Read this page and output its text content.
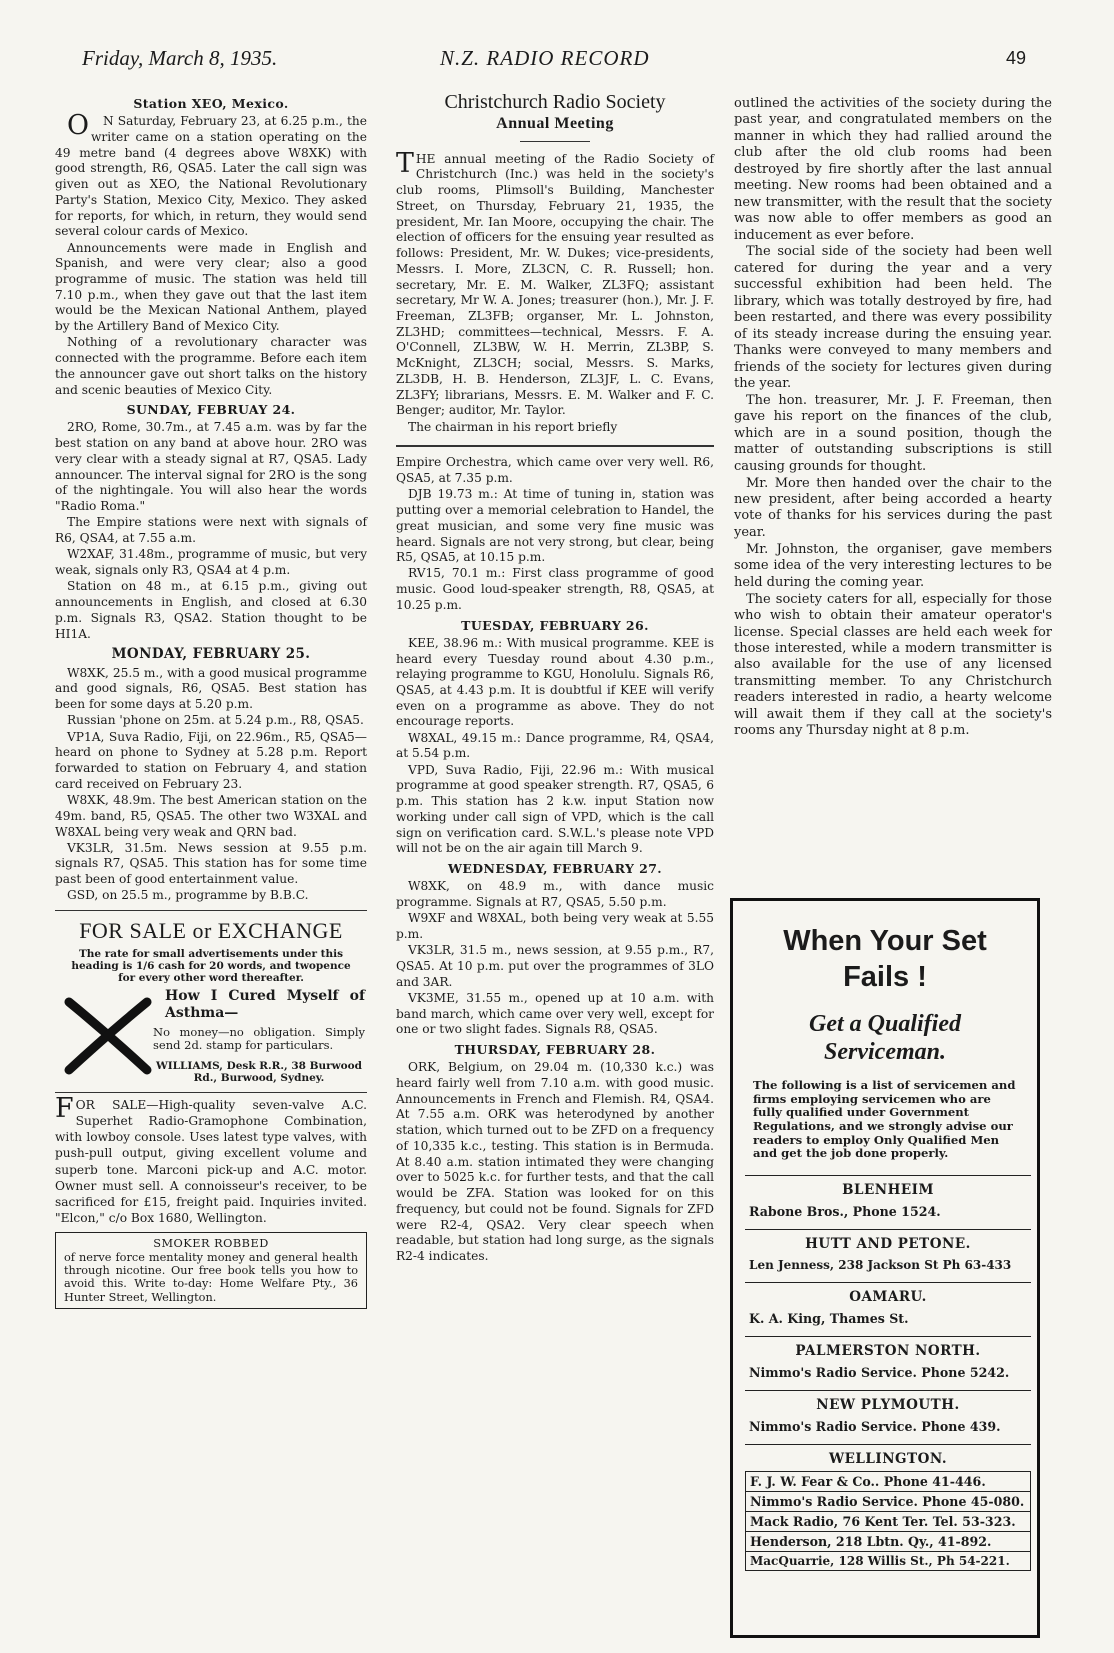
Friday, March 8, 1935.	N.Z. RADIO RECORD	49
Station XEO, Mexico.

ON Saturday, February 23, at 6.25 p.m., the writer came on a station operating on the 49 metre band (4 degrees above W8XK) with good strength, R6, QSA5. Later the call sign was given out as XEO, the National Revolutionary Party's Station, Mexico City, Mexico. They asked for reports, for which, in return, they would send several colour cards of Mexico.

Announcements were made in English and Spanish, and were very clear; also a good programme of music. The station was held till 7.10 p.m., when they gave out that the last item would be the Mexican National Anthem, played by the Artillery Band of Mexico City.

Nothing of a revolutionary character was connected with the programme. Before each item the announcer gave out short talks on the history and scenic beauties of Mexico City.

SUNDAY, FEBRUAY 24.

2RO, Rome, 30.7m., at 7.45 a.m. was by far the best station on any band at above hour. 2RO was very clear with a steady signal at R7, QSA5. Lady announcer. The interval signal for 2RO is the song of the nightingale. You will also hear the words "Radio Roma."

The Empire stations were next with signals of R6, QSA4, at 7.55 a.m.

W2XAF, 31.48m., programme of music, but very weak, signals only R3, QSA4 at 4 p.m.

Station on 48 m., at 6.15 p.m., giving out announcements in English, and closed at 6.30 p.m. Signals R3, QSA2. Station thought to be HI1A.

MONDAY, FEBRUARY 25.

W8XK, 25.5 m., with a good musical programme and good signals, R6, QSA5. Best station has been for some days at 5.20 p.m.

Russian 'phone on 25m. at 5.24 p.m., R8, QSA5.

VP1A, Suva Radio, Fiji, on 22.96m., R5, QSA5—heard on phone to Sydney at 5.28 p.m. Report forwarded to station on February 4, and station card received on February 23.

W8XK, 48.9m. The best American station on the 49m. band, R5, QSA5. The other two W3XAL and W8XAL being very weak and QRN bad.

VK3LR, 31.5m. News session at 9.55 p.m. signals R7, QSA5. This station has for some time past been of good entertainment value.

GSD, on 25.5 m., programme by B.B.C.

FOR SALE or EXCHANGE

The rate for small advertisements under this heading is 1/6 cash for 20 words, and twopence for every other word thereafter.

How I Cured Myself of Asthma—
No money—no obligation. Simply send 2d. stamp for particulars.
WILLIAMS, Desk R.R., 38 Burwood Rd., Burwood, Sydney.

FOR SALE—High-quality seven-valve A.C. Superhet Radio-Gramophone Combination, with lowboy console. Uses latest type valves, with push-pull output, giving excellent volume and superb tone. Marconi pick-up and A.C. motor. Owner must sell. A connoisseur's receiver, to be sacrificed for £15, freight paid. Inquiries invited. "Elcon," c/o Box 1680, Wellington.

SMOKER ROBBED
of nerve force mentality money and general health through nicotine. Our free book tells you how to avoid this. Write to-day: Home Welfare Pty., 36 Hunter Street, Wellington.
Christchurch Radio Society
Annual Meeting

THE annual meeting of the Radio Society of Christchurch (Inc.) was held in the society's club rooms, Plimsoll's Building, Manchester Street, on Thursday, February 21, 1935, the president, Mr. Ian Moore, occupying the chair. The election of officers for the ensuing year resulted as follows: President, Mr. W. Dukes; vice-presidents, Messrs. I. More, ZL3CN, C. R. Russell; hon. secretary, Mr. E. M. Walker, ZL3FQ; assistant secretary, Mr W. A. Jones; treasurer (hon.), Mr. J. F. Freeman, ZL3FB; organser, Mr. L. Johnston, ZL3HD; committees—technical, Messrs. F. A. O'Connell, ZL3BW, W. H. Merrin, ZL3BP, S. McKnight, ZL3CH; social, Messrs. S. Marks, ZL3DB, H. B. Henderson, ZL3JF, L. C. Evans, ZL3FY; librarians, Messrs. E. M. Walker and F. C. Benger; auditor, Mr. Taylor.

The chairman in his report briefly

Empire Orchestra, which came over very well. R6, QSA5, at 7.35 p.m.

DJB 19.73 m.: At time of tuning in, station was putting over a memorial celebration to Handel, the great musician, and some very fine music was heard. Signals are not very strong, but clear, being R5, QSA5, at 10.15 p.m.

RV15, 70.1 m.: First class programme of good music. Good loud-speaker strength, R8, QSA5, at 10.25 p.m.

TUESDAY, FEBRUARY 26.

KEE, 38.96 m.: With musical programme. KEE is heard every Tuesday round about 4.30 p.m., relaying programme to KGU, Honolulu. Signals R6, QSA5, at 4.43 p.m. It is doubtful if KEE will verify even on a programme as above. They do not encourage reports.

W8XAL, 49.15 m.: Dance programme, R4, QSA4, at 5.54 p.m.

VPD, Suva Radio, Fiji, 22.96 m.: With musical programme at good speaker strength. R7, QSA5, 6 p.m. This station has 2 k.w. input Station now working under call sign of VPD, which is the call sign on verification card. S.W.L.'s please note VPD will not be on the air again till March 9.

WEDNESDAY, FEBRUARY 27.

W8XK, on 48.9 m., with dance music programme. Signals at R7, QSA5, 5.50 p.m.

W9XF and W8XAL, both being very weak at 5.55 p.m.

VK3LR, 31.5 m., news session, at 9.55 p.m., R7, QSA5. At 10 p.m. put over the programmes of 3LO and 3AR.

VK3ME, 31.55 m., opened up at 10 a.m. with band march, which came over very well, except for one or two slight fades. Signals R8, QSA5.

THURSDAY, FEBRUARY 28.

ORK, Belgium, on 29.04 m. (10,330 k.c.) was heard fairly well from 7.10 a.m. with good music. Announcements in French and Flemish. R4, QSA4. At 7.55 a.m. ORK was heterodyned by another station, which turned out to be ZFD on a frequency of 10,335 k.c., testing. This station is in Bermuda. At 8.40 a.m. station intimated they were changing over to 5025 k.c. for further tests, and that the call would be ZFA. Station was looked for on this frequency, but could not be found. Signals for ZFD were R2-4, QSA2. Very clear speech when readable, but station had long surge, as the signals R2-4 indicates.

outlined the activities of the society during the past year, and congratulated members on the manner in which they had rallied around the club after the old club rooms had been destroyed by fire shortly after the last annual meeting. New rooms had been obtained and a new transmitter, with the result that the society was now able to offer members as good an inducement as ever before.

The social side of the society had been well catered for during the year and a very successful exhibition had been held. The library, which was totally destroyed by fire, had been restarted, and there was every possibility of its steady increase during the ensuing year. Thanks were conveyed to many members and friends of the society for lectures given during the year.

The hon. treasurer, Mr. J. F. Freeman, then gave his report on the finances of the club, which are in a sound position, though the matter of outstanding subscriptions is still causing grounds for thought.

Mr. More then handed over the chair to the new president, after being accorded a hearty vote of thanks for his services during the past year.

Mr. Johnston, the organiser, gave members some idea of the very interesting lectures to be held during the coming year.

The society caters for all, especially for those who wish to obtain their amateur operator's license. Special classes are held each week for those interested, while a modern transmitter is also available for the use of any licensed transmitting member. To any Christchurch readers interested in radio, a hearty welcome will await them if they call at the society's rooms any Thursday night at 8 p.m.

When Your Set Fails !
Get a Qualified Serviceman.
The following is a list of servicemen and firms employing servicemen who are fully qualified under Government Regulations, and we strongly advise our readers to employ Only Qualified Men and get the job done properly.
BLENHEIM
Rabone Bros., Phone 1524.
HUTT AND PETONE.
Len Jenness, 238 Jackson St Ph 63-433
OAMARU.
K. A. King, Thames St.
PALMERSTON NORTH.
Nimmo's Radio Service. Phone 5242.
NEW PLYMOUTH.
Nimmo's Radio Service. Phone 439.
WELLINGTON.
F. J. W. Fear & Co.. Phone 41-446.
Nimmo's Radio Service. Phone 45-080.
Mack Radio, 76 Kent Ter. Tel. 53-323.
Henderson, 218 Lbtn. Qy., 41-892.
MacQuarrie, 128 Willis St., Ph 54-221.
